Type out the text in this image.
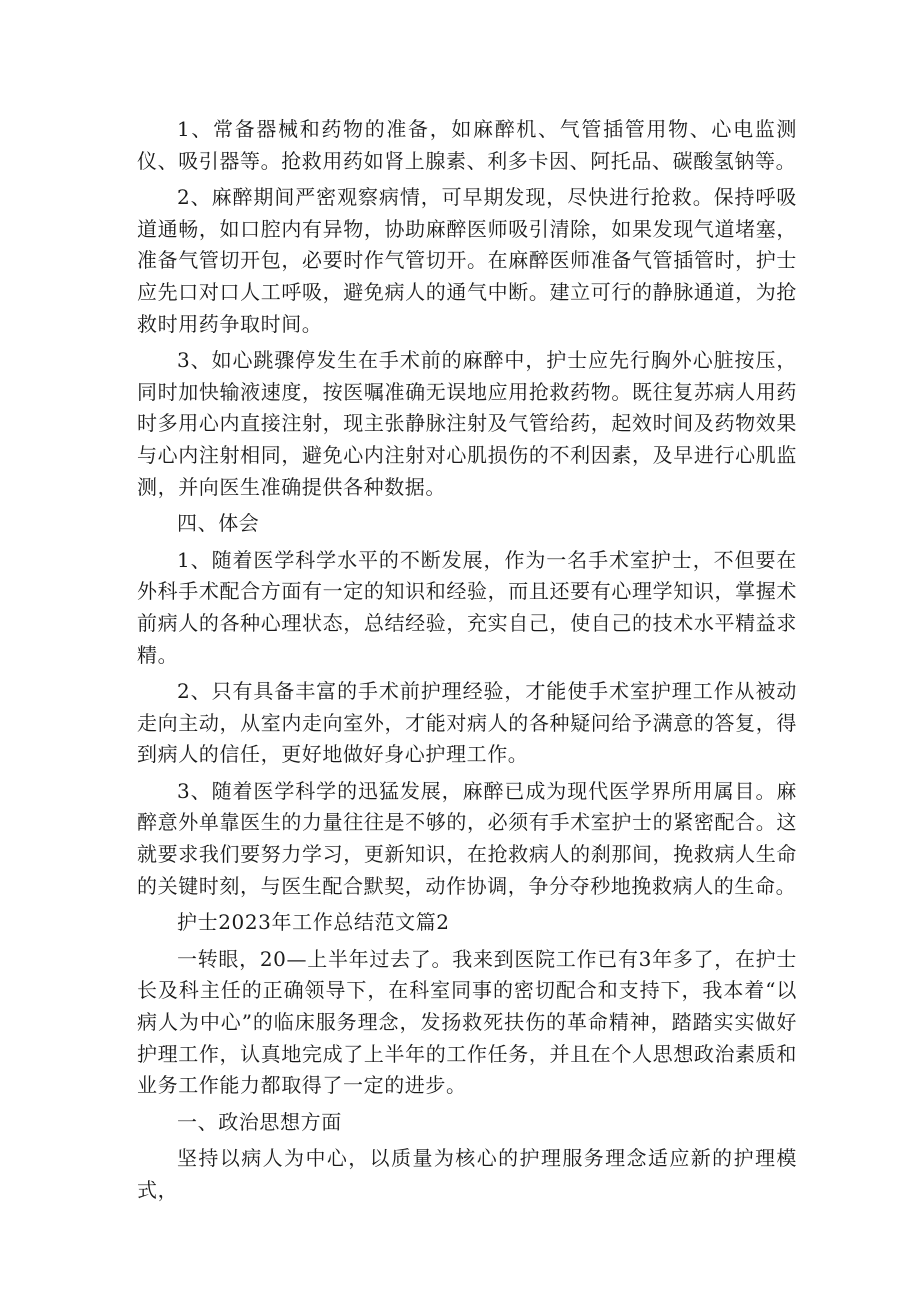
1、常备器械和药物的准备，如麻醉机、气管插管用物、心电监测仪、吸引器等。抢救用药如肾上腺素、利多卡因、阿托品、碳酸氢钠等。

2、麻醉期间严密观察病情，可早期发现，尽快进行抢救。保持呼吸道通畅，如口腔内有异物，协助麻醉医师吸引清除，如果发现气道堵塞，准备气管切开包，必要时作气管切开。在麻醉医师准备气管插管时，护士应先口对口人工呼吸，避免病人的通气中断。建立可行的静脉通道，为抢救时用药争取时间。

3、如心跳骤停发生在手术前的麻醉中，护士应先行胸外心脏按压，同时加快输液速度，按医嘱准确无误地应用抢救药物。既往复苏病人用药时多用心内直接注射，现主张静脉注射及气管给药，起效时间及药物效果与心内注射相同，避免心内注射对心肌损伤的不利因素，及早进行心肌监测，并向医生准确提供各种数据。

四、体会

1、随着医学科学水平的不断发展，作为一名手术室护士，不但要在外科手术配合方面有一定的知识和经验，而且还要有心理学知识，掌握术前病人的各种心理状态，总结经验，充实自己，使自己的技术水平精益求精。

2、只有具备丰富的手术前护理经验，才能使手术室护理工作从被动走向主动，从室内走向室外，才能对病人的各种疑问给予满意的答复，得到病人的信任，更好地做好身心护理工作。

3、随着医学科学的迅猛发展，麻醉已成为现代医学界所用属目。麻醉意外单靠医生的力量往往是不够的，必须有手术室护士的紧密配合。这就要求我们要努力学习，更新知识，在抢救病人的刹那间，挽救病人生命的关键时刻，与医生配合默契，动作协调，争分夺秒地挽救病人的生命。

护士2023年工作总结范文篇2

一转眼，20—上半年过去了。我来到医院工作已有3年多了，在护士长及科主任的正确领导下，在科室同事的密切配合和支持下，我本着“以病人为中心”的临床服务理念，发扬救死扶伤的革命精神，踏踏实实做好护理工作，认真地完成了上半年的工作任务，并且在个人思想政治素质和业务工作能力都取得了一定的进步。

一、政治思想方面

坚持以病人为中心，以质量为核心的护理服务理念适应新的护理模式，
